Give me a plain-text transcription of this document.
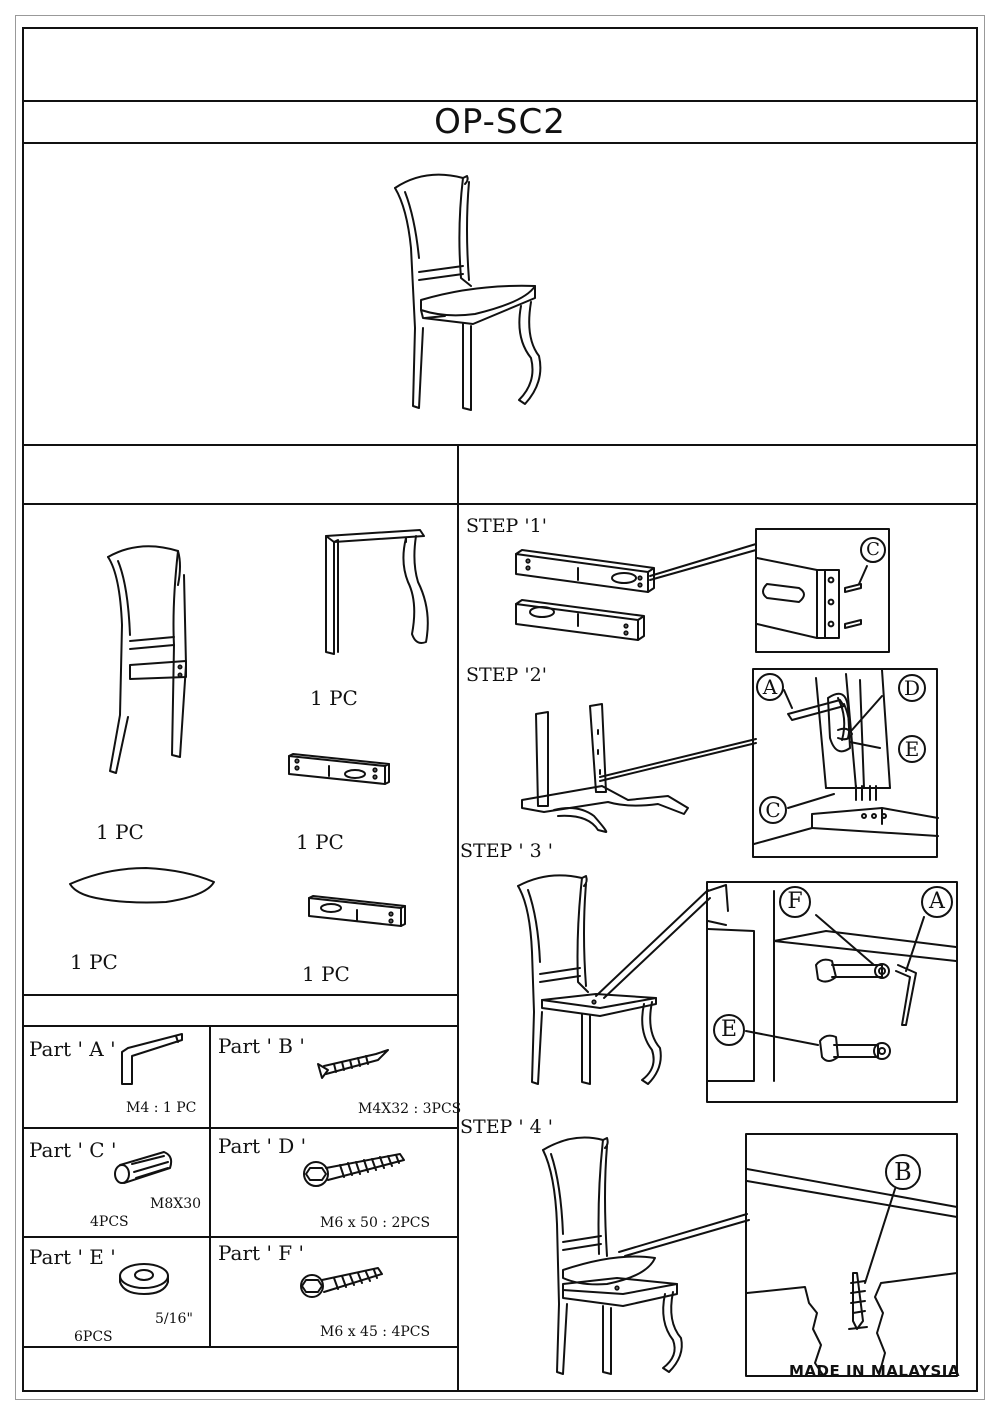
OP-SC2
1 PC
1 PC	1 PC
1 PC	1 PC
Part ' A '
M4 : 1 PC
Part ' B '
M4X32 : 3PCS
Part ' C '
M8X30
4PCS
Part ' D '
M6 x 50 : 2PCS
Part ' E '
5/16"
6PCS
Part ' F '
M6 x 45 : 4PCS
STEP '1'
C
STEP '2'	A	D
E
C
STEP ' 3 '
F	A
E
STEP ' 4 '
B
MADE IN MALAYSIA
